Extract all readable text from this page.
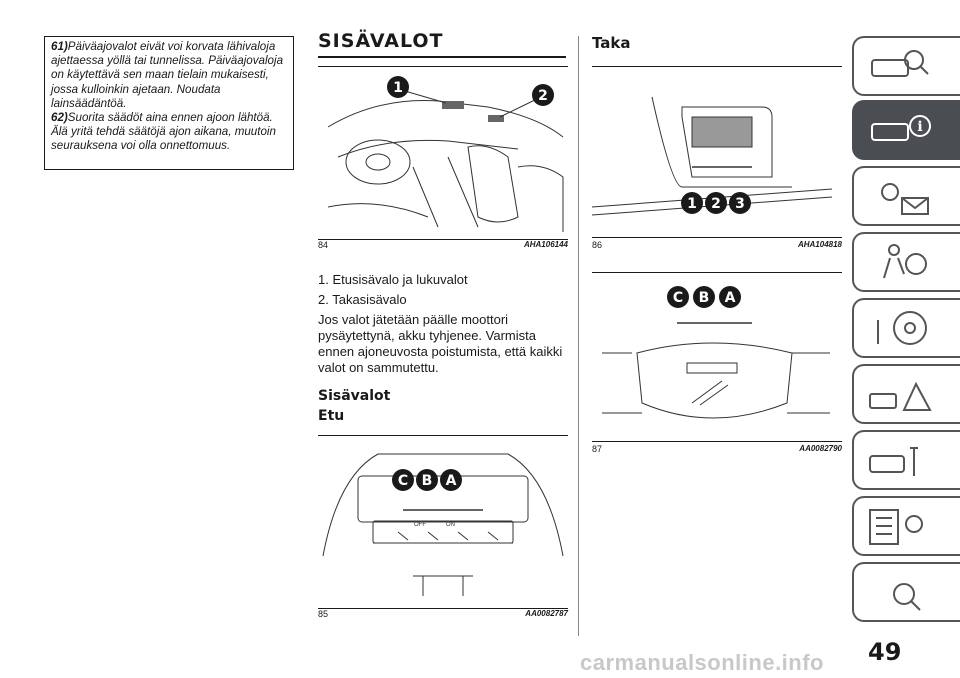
61)Päiväajovalot eivät voi korvata lähivaloja ajettaessa yöllä tai tunnelissa. Päiväajovaloja on käytettävä sen maan tielain mukaisesti, jossa kulloinkin ajetaan. Noudata lainsäädäntöä.

62)Suorita säädöt aina ennen ajoon lähtöä. Älä yritä tehdä säätöjä ajon aikana, muutoin seurauksena voi olla onnettomuus.

SISÄVALOT
1	2
84	AHA106144
1. Etusisävalo ja lukuvalot
2. Takasisävalo
Jos valot jätetään päälle moottori pysäytettynä, akku tyhjenee. Varmista ennen ajoneuvosta poistumista, että kaikki valot on sammutettu.
Sisävalot
Etu
OFF	ON
C B A
85	AA0082787
Taka
1 2 3
86	AHA104818
C B A
87	AA0082790
i
49
carmanualsonline.info
